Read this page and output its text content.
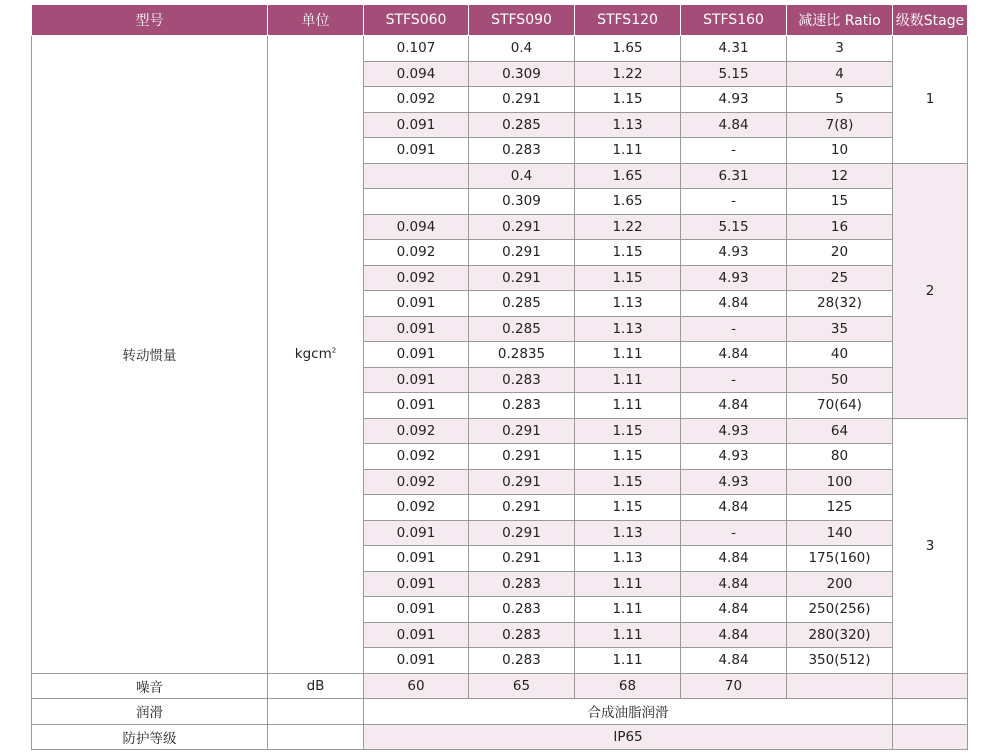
型号	单位	STFS060	STFS090	STFS120	STFS160	减速比 Ratio	级数Stage
转动惯量	kgcm$^2$	0.107	0.4	1.65	4.31	3	1
		0.094	0.309	1.22	5.15	4	
		0.092	0.291	1.15	4.93	5	
		0.091	0.285	1.13	4.84	7(8)	
		0.091	0.283	1.11	-	10	
			0.4	1.65	6.31	12	2
			0.309	1.65	-	15	
		0.094	0.291	1.22	5.15	16	
		0.092	0.291	1.15	4.93	20	
		0.092	0.291	1.15	4.93	25	
		0.091	0.285	1.13	4.84	28(32)	
		0.091	0.285	1.13	-	35	
		0.091	0.2835	1.11	4.84	40	
		0.091	0.283	1.11	-	50	
		0.091	0.283	1.11	4.84	70(64)	
		0.092	0.291	1.15	4.93	64	3
		0.092	0.291	1.15	4.93	80	
		0.092	0.291	1.15	4.93	100	
		0.092	0.291	1.15	4.84	125	
		0.091	0.291	1.13	-	140	
		0.091	0.291	1.13	4.84	175(160)	
		0.091	0.283	1.11	4.84	200	
		0.091	0.283	1.11	4.84	250(256)	
		0.091	0.283	1.11	4.84	280(320)	
		0.091	0.283	1.11	4.84	350(512)	
噪音	dB	60	65	68	70		
润滑		合成油脂润滑					
防护等级		IP65					
